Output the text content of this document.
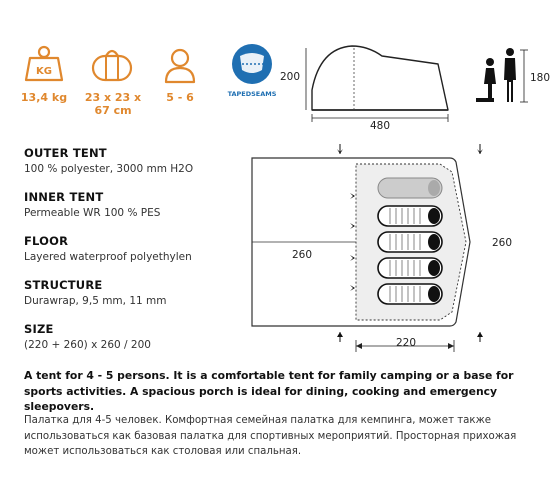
KG
13,4 kg	23 x 23 x
67 cm
5 - 6	TAPEDSEAMS
200
480
180
OUTER TENT
100 % polyester, 3000 mm H2O
INNER TENT
Permeable WR 100 % PES
FLOOR
Layered waterproof polyethylen
STRUCTURE
Durawrap, 9,5 mm, 11 mm
SIZE
(220 + 260) x 260 / 200
260
260
220
A tent for 4 - 5 persons. It is a comfortable tent for family camping or a base for sports activities. A spacious porch is ideal for dining, cooking and emergency sleepovers.
Палатка для 4-5 человек. Комфортная семейная палатка для кемпинга, может также использоваться как базовая палатка для спортивных мероприятий. Просторная прихожая может использоваться как столовая или спальная.
